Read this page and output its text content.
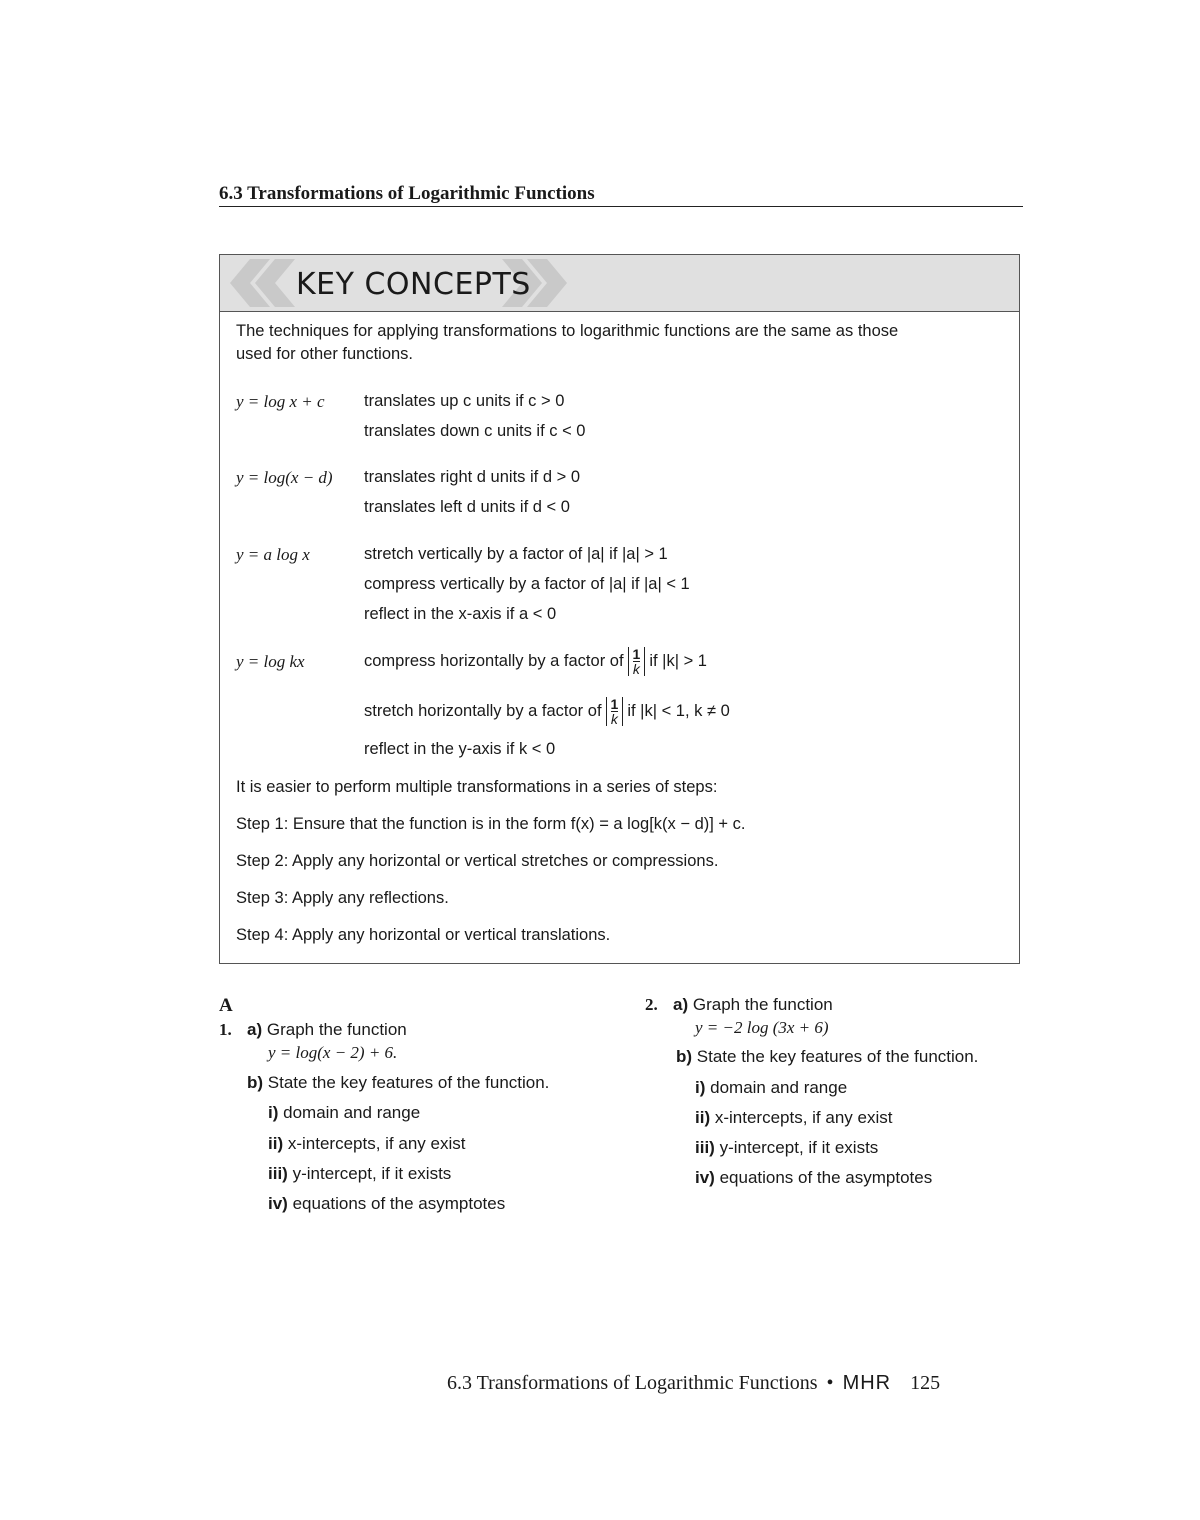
6.3 Transformations of Logarithmic Functions
KEY CONCEPTS
The techniques for applying transformations to logarithmic functions are the same as those
used for other functions.
y = log x + c translates up c units if c > 0
translates down c units if c < 0
y = log(x − d) translates right d units if d > 0
translates left d units if d < 0
y = a log x	stretch vertically by a factor of |a| if |a| > 1
compress vertically by a factor of |a| if |a| < 1
reflect in the x-axis if a < 0
y = log kx	compress horizontally by a factor of $\frac{1}{k}$ if |k| > 1
stretch horizontally by a factor of $\frac{1}{k}$ if |k| < 1, k ≠ 0
reflect in the y-axis if k < 0
It is easier to perform multiple transformations in a series of steps:
Step 1: Ensure that the function is in the form f(x) = a log[k(x − d)] + c.
Step 2: Apply any horizontal or vertical stretches or compressions.
Step 3: Apply any reflections.
Step 4: Apply any horizontal or vertical translations.
A
1. a) Graph the function
y = log(x − 2) + 6.
b) State the key features of the function.
i) domain and range
ii) x-intercepts, if any exist
iii) y-intercept, if it exists
iv) equations of the asymptotes
2. a) Graph the function
y = −2 log (3x + 6)
b) State the key features of the function.
i) domain and range
ii) x-intercepts, if any exist
iii) y-intercept, if it exists
iv) equations of the asymptotes
6.3 Transformations of Logarithmic Functions • MHR 125
